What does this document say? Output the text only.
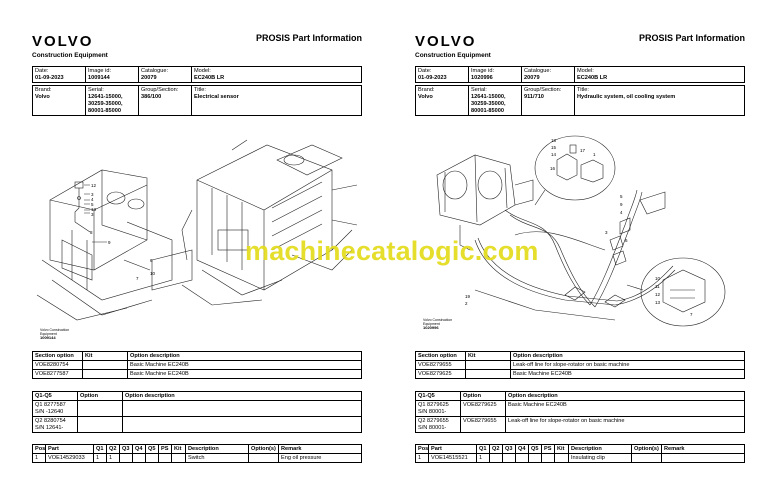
VOLVO	PROSIS Part Information
Construction Equipment
Date:
01-09-2023

Image id:
1009144

Catalogue:
20079

Model:
EC240B LR
Brand:
Volvo

Serial:
12641-15000,
30259-35000,
80001-85000

Group/Section:
386/100

Title:
Electrical sensor
12
3
4
5
13
3
8
9
6
10
7
Volvo Construction
Equipment
1009144
Section option	Kit	Option description
VOE8280754		Basic Machine EC240B
VOE8277587		Basic Machine EC240B
Q1-Q5	Option	Option description
Q1 8277587 S/N -12640		
Q2 8280754 S/N 12641-		
Pos	Part	Q1	Q2	Q3	Q4	Q5	PS	Kit	Description	Option(s)	Remark
1	VOE14529033	1	1						Switch		Eng oil pressure
VOLVO	PROSIS Part Information
Construction Equipment
Date:
01-09-2023

Image id:
1020996

Catalogue:
20079

Model:
EC240B LR
Brand:
Volvo

Serial:
12641-15000,
30259-35000,
80001-85000

Group/Section:
911/710

Title:
Hydraulic system, oil cooling system
18
15
14
17
16
1
5
9
4
6
3
19
2
10
11
12
13
7
Volvo Construction
Equipment
1020996
Section option	Kit	Option description
VOE8279655		Leak-off line for slope-rotator on basic machine
VOE8279625		Basic Machine EC240B
Q1-Q5	Option	Option description
Q1 8279625 S/N 80001-	VOE8279625	Basic Machine EC240B
Q2 8279655 S/N 80001-	VOE8279655	Leak-off line for slope-rotator on basic machine
Pos	Part	Q1	Q2	Q3	Q4	Q5	PS	Kit	Description	Option(s)	Remark
1	VOE14515521	1							Insulating clip		
machinecatalogic.com
